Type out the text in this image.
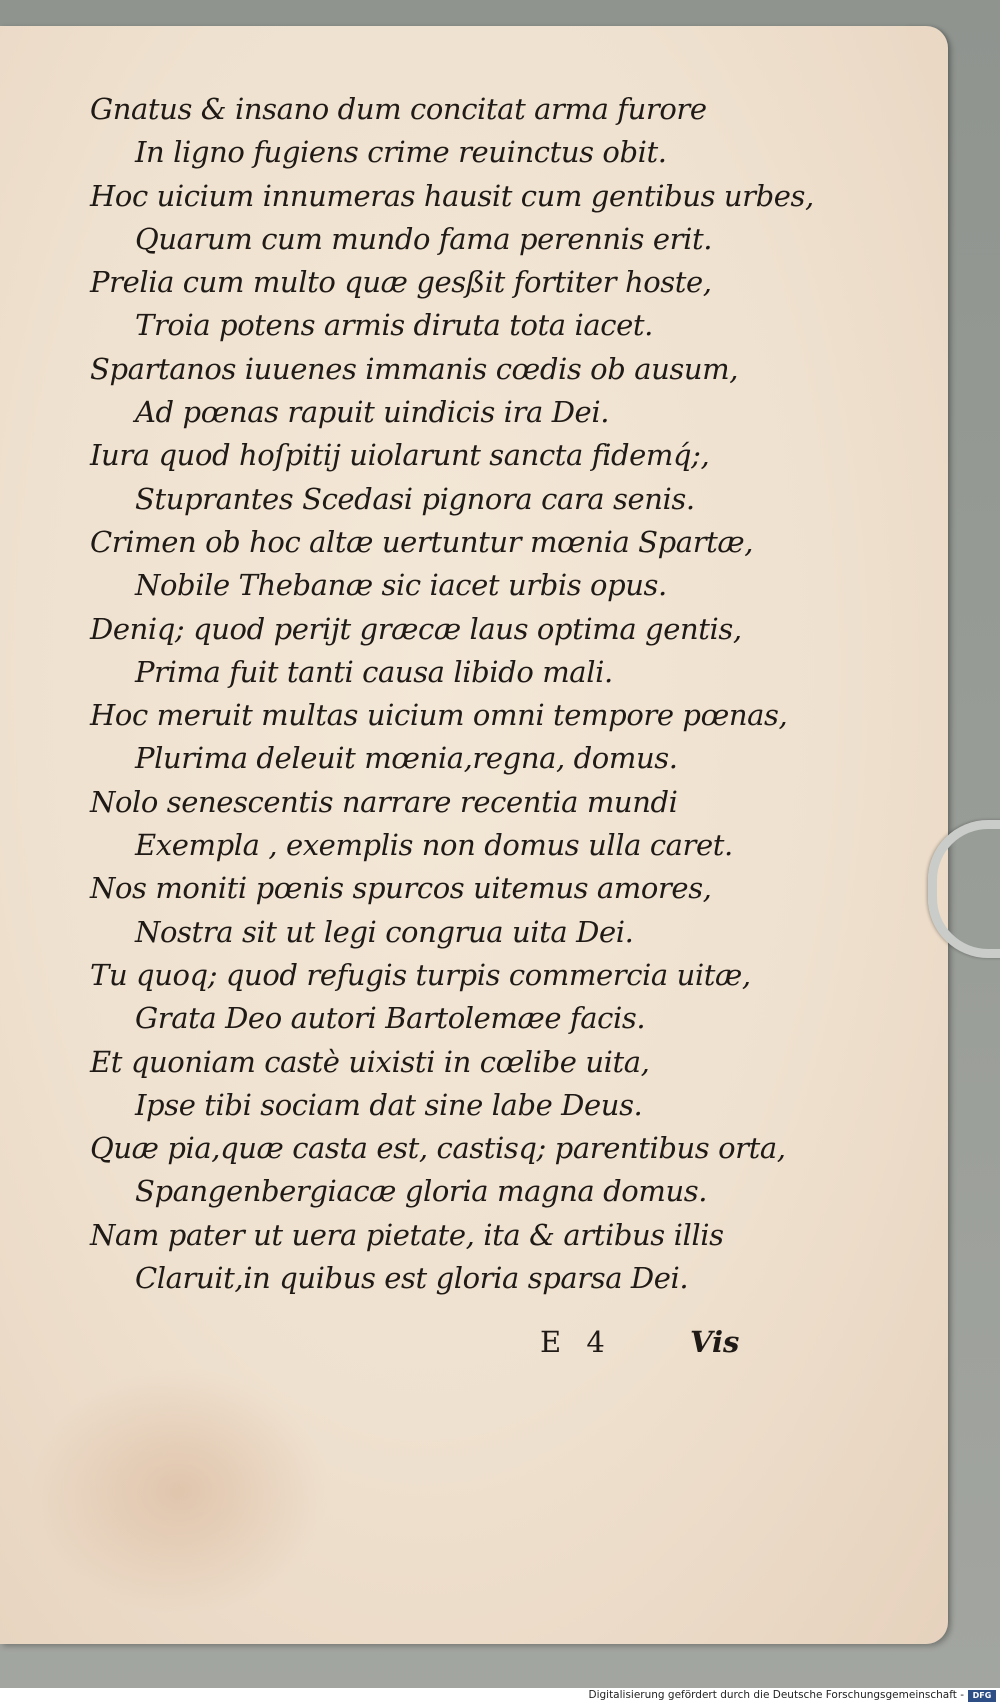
Gnatus & insano dum concitat arma furore
In ligno fugiens crime reuinctus obit.
Hoc uicium innumeras hausit cum gentibus urbes,
Quarum cum mundo fama perennis erit.
Prelia cum multo quæ gesßit fortiter hoste,
Troia potens armis diruta tota iacet.
Spartanos iuuenes immanis cœdis ob ausum,
Ad pœnas rapuit uindicis ira Dei.
Iura quod hoſpitij uiolarunt sancta fidemq́;,
Stuprantes Scedasi pignora cara senis.
Crimen ob hoc altæ uertuntur mœnia Spartæ,
Nobile Thebanæ sic iacet urbis opus.
Deniq; quod perijt græcæ laus optima gentis,
Prima fuit tanti causa libido mali.
Hoc meruit multas uicium omni tempore pœnas,
Plurima deleuit mœnia,regna, domus.
Nolo senescentis narrare recentia mundi
Exempla , exemplis non domus ulla caret.
Nos moniti pœnis spurcos uitemus amores,
Nostra sit ut legi congrua uita Dei.
Tu quoq; quod refugis turpis commercia uitæ,
Grata Deo autori Bartolemæe facis.
Et quoniam castè uixisti in cœlibe uita,
Ipse tibi sociam dat sine labe Deus.
Quæ pia,quæ casta est, castisq; parentibus orta,
Spangenbergiacæ gloria magna domus.
Nam pater ut uera pietate, ita & artibus illis
Claruit,in quibus est gloria sparsa Dei.
E 4	Vis
Digitalisierung gefördert durch die Deutsche Forschungsgemeinschaft -	DFG
